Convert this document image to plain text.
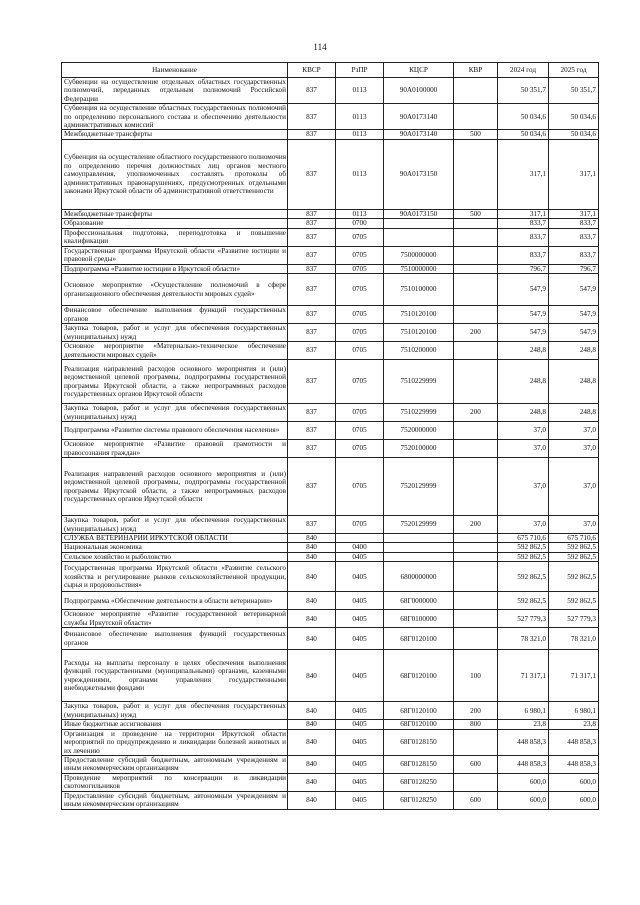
114
Наименование	КВСР	РзПР	КЦСР	КВР	2024 год	2025 год
Субвенции на осуществление отдельных областных государственных полномочий, переданных отдельным полномочий Российской Федерации	837	0113	90А0100000		50 351,7	50 351,7
Субвенция на осуществление областных государственных полномочий по определению персонального состава и обеспечению деятельности административных комиссий	837	0113	90А0173140		50 034,6	50 034,6
Межбюджетные трансферты	837	0113	90А0173140	500	50 034,6	50 034,6
Субвенция на осуществление областного государственного полномочия по определению перечня должностных лиц органов местного самоуправления, уполномоченных составлять протоколы об административных правонарушениях, предусмотренных отдельными законами Иркутской области об административной ответственности	837	0113	90А0173150		317,1	317,1
Межбюджетные трансферты	837	0113	90А0173150	500	317,1	317,1
Образование	837	0700			833,7	833,7
Профессиональная подготовка, переподготовка и повышение квалификации	837	0705			833,7	833,7
Государственная программа Иркутской области «Развитие юстиции и правовой среды»	837	0705	7500000000		833,7	833,7
Подпрограмма «Развитие юстиции в Иркутской области»	837	0705	7510000000		796,7	796,7
Основное мероприятие «Осуществление полномочий в сфере организационного обеспечения деятельности мировых судей»	837	0705	7510100000		547,9	547,9
Финансовое обеспечение выполнения функций государственных органов	837	0705	7510120100		547,9	547,9
Закупка товаров, работ и услуг для обеспечения государственных (муниципальных) нужд	837	0705	7510120100	200	547,9	547,9
Основное мероприятие «Материально-техническое обеспечение деятельности мировых судей»	837	0705	7510200000		248,8	248,8
Реализация направлений расходов основного мероприятия и (или) ведомственной целевой программы, подпрограммы государственной программы Иркутской области, а также непрограммных расходов государственных органов Иркутской области	837	0705	7510229999		248,8	248,8
Закупка товаров, работ и услуг для обеспечения государственных (муниципальных) нужд	837	0705	7510229999	200	248,8	248,8
Подпрограмма «Развитие системы правового обеспечения населения»	837	0705	7520000000		37,0	37,0
Основное мероприятие «Развитие правовой грамотности и правосознания граждан»	837	0705	7520100000		37,0	37,0
Реализация направлений расходов основного мероприятия и (или) ведомственной целевой программы, подпрограммы государственной программы Иркутской области, а также непрограммных расходов государственных органов Иркутской области	837	0705	7520129999		37,0	37,0
Закупка товаров, работ и услуг для обеспечения государственных (муниципальных) нужд	837	0705	7520129999	200	37,0	37,0
СЛУЖБА ВЕТЕРИНАРИИ ИРКУТСКОЙ ОБЛАСТИ	840				675 710,6	675 710,6
Национальная экономика	840	0400			592 862,5	592 862,5
Сельское хозяйство и рыболовство	840	0405			592 862,5	592 862,5
Государственная программа Иркутской области «Развитие сельского хозяйства и регулирование рынков сельскохозяйственной продукции, сырья и продовольствия»	840	0405	6800000000		592 862,5	592 862,5
Подпрограмма «Обеспечение деятельности в области ветеринарии»	840	0405	68Г0000000		592 862,5	592 862,5
Основное мероприятие «Развитие государственной ветеринарной службы Иркутской области»	840	0405	68Г0100000		527 779,3	527 779,3
Финансовое обеспечение выполнения функций государственных органов	840	0405	68Г0120100		78 321,0	78 321,0
Расходы на выплаты персоналу в целях обеспечения выполнения функций государственными (муниципальными) органами, казенными учреждениями, органами управления государственными внебюджетными фондами	840	0405	68Г0120100	100	71 317,1	71 317,1
Закупка товаров, работ и услуг для обеспечения государственных (муниципальных) нужд	840	0405	68Г0120100	200	6 980,1	6 980,1
Иные бюджетные ассигнования	840	0405	68Г0120100	800	23,8	23,8
Организация и проведение на территории Иркутской области мероприятий по предупреждению и ликвидации болезней животных и их лечению	840	0405	68Г0128150		448 858,3	448 858,3
Предоставление субсидий бюджетным, автономным учреждениям и иным некоммерческим организациям	840	0405	68Г0128150	600	448 858,3	448 858,3
Проведение мероприятий по консервации и ликвидации скотомогильников	840	0405	68Г0128250		600,0	600,0
Предоставление субсидий бюджетным, автономным учреждениям и иным некоммерческим организациям	840	0405	68Г0128250	600	600,0	600,0
